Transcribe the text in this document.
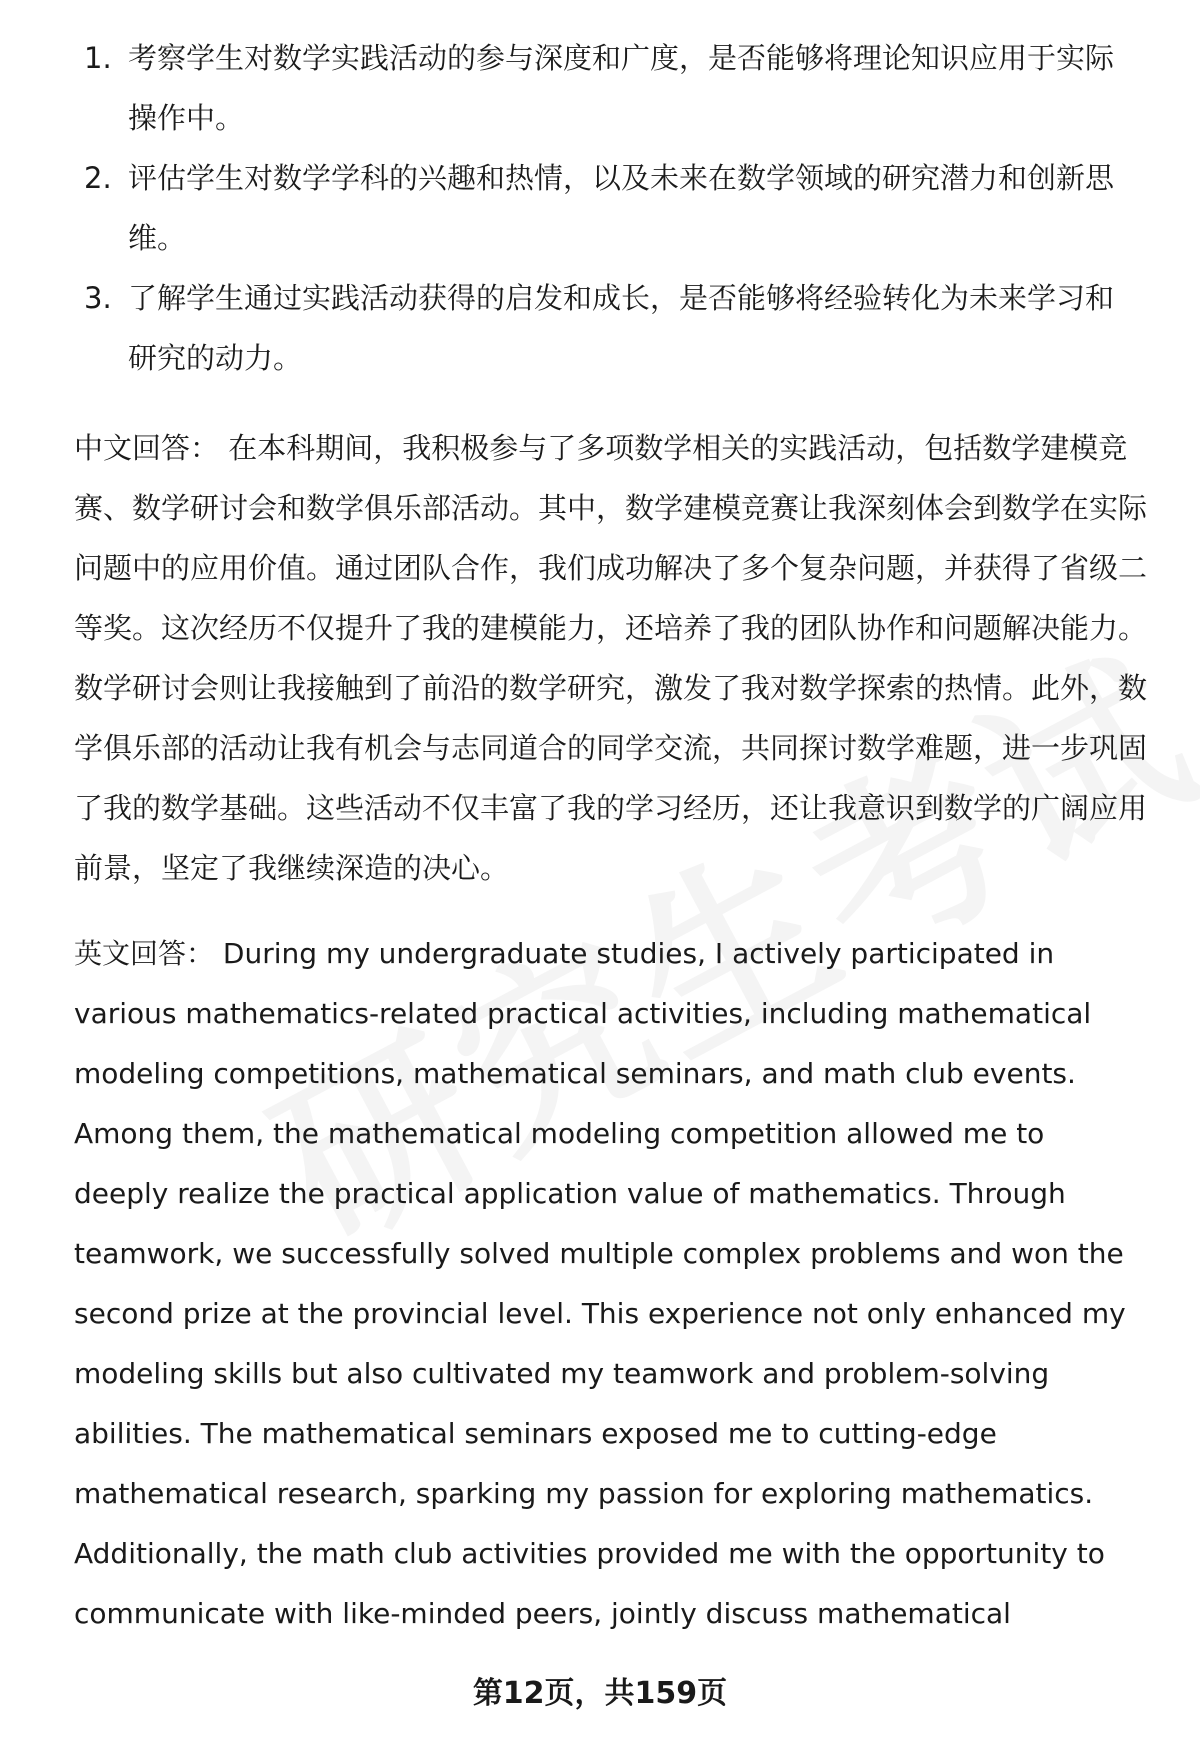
1. 考察学生对数学实践活动的参与深度和广度，是否能够将理论知识应用于实际操作中。
2. 评估学生对数学学科的兴趣和热情，以及未来在数学领域的研究潜力和创新思维。
3. 了解学生通过实践活动获得的启发和成长，是否能够将经验转化为未来学习和研究的动力。

中文回答： 在本科期间，我积极参与了多项数学相关的实践活动，包括数学建模竞赛、数学研讨会和数学俱乐部活动。其中，数学建模竞赛让我深刻体会到数学在实际问题中的应用价值。通过团队合作，我们成功解决了多个复杂问题，并获得了省级二等奖。这次经历不仅提升了我的建模能力，还培养了我的团队协作和问题解决能力。数学研讨会则让我接触到了前沿的数学研究，激发了我对数学探索的热情。此外，数学俱乐部的活动让我有机会与志同道合的同学交流，共同探讨数学难题，进一步巩固了我的数学基础。这些活动不仅丰富了我的学习经历，还让我意识到数学的广阔应用前景，坚定了我继续深造的决心。

英文回答： During my undergraduate studies, I actively participated in various mathematics-related practical activities, including mathematical modeling competitions, mathematical seminars, and math club events. Among them, the mathematical modeling competition allowed me to deeply realize the practical application value of mathematics. Through teamwork, we successfully solved multiple complex problems and won the second prize at the provincial level. This experience not only enhanced my modeling skills but also cultivated my teamwork and problem-solving abilities. The mathematical seminars exposed me to cutting-edge mathematical research, sparking my passion for exploring mathematics. Additionally, the math club activities provided me with the opportunity to communicate with like-minded peers, jointly discuss mathematical

第12页，共159页
